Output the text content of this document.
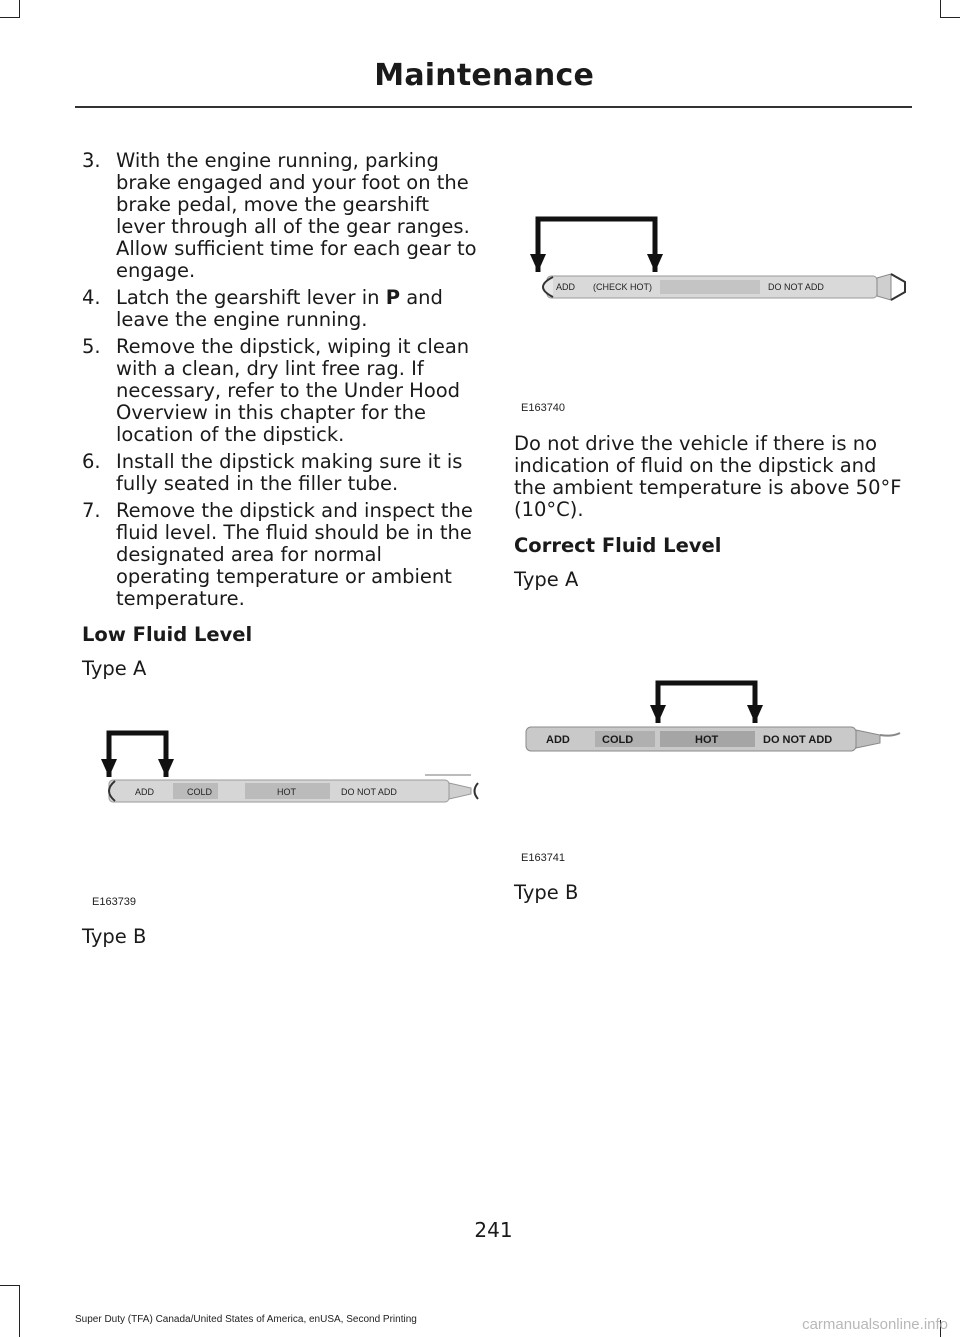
Maintenance
3. With the engine running, parking brake engaged and your foot on the brake pedal, move the gearshift lever through all of the gear ranges. Allow sufficient time for each gear to engage.
4. Latch the gearshift lever in P and leave the engine running.
5. Remove the dipstick, wiping it clean with a clean, dry lint free rag. If necessary, refer to the Under Hood Overview in this chapter for the location of the dipstick.
6. Install the dipstick making sure it is fully seated in the filler tube.
7. Remove the dipstick and inspect the fluid level. The fluid should be in the designated area for normal operating temperature or ambient temperature.
Low Fluid Level
Type A
ADD	COLD	HOT	DO NOT ADD
E163739
Type B
ADD (CHECK HOT)	DO NOT ADD
E163740
Do not drive the vehicle if there is no indication of fluid on the dipstick and the ambient temperature is above 50°F (10°C).
Correct Fluid Level
Type A
ADD	COLD	HOT	DO NOT ADD
E163741
Type B
241
Super Duty (TFA) Canada/United States of America, enUSA, Second Printing	carmanualsonline.info
